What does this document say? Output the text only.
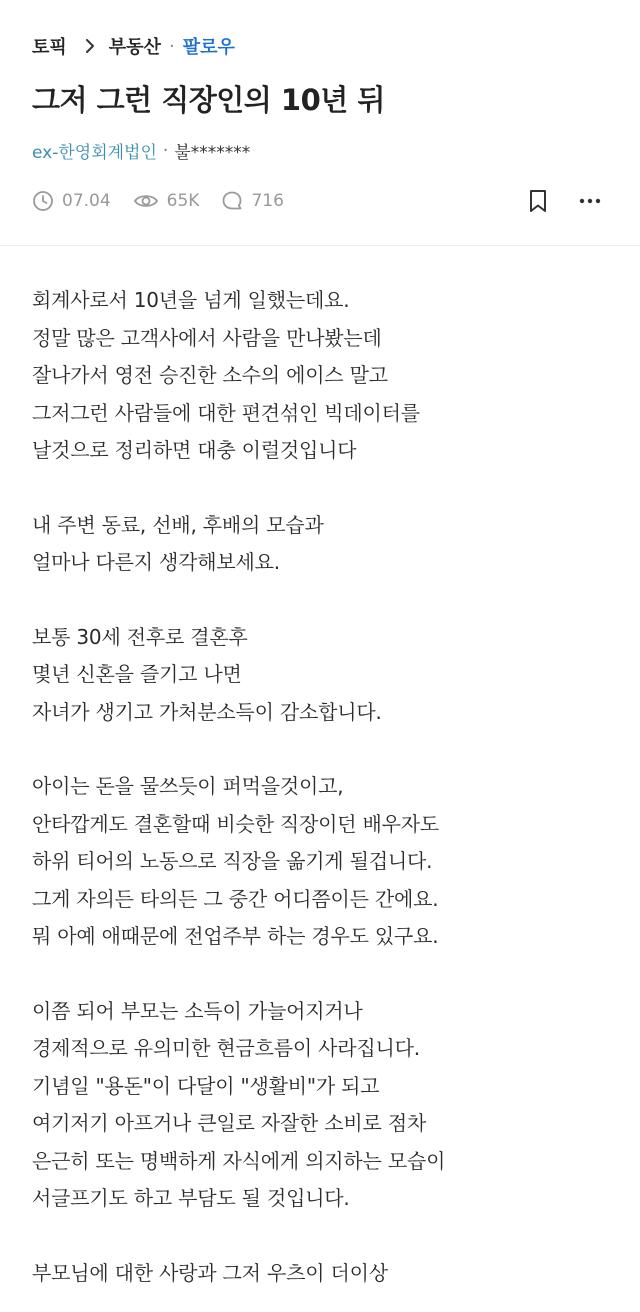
토픽 부동산 · 팔로우
그저 그런 직장인의 10년 뒤
ex-한영회계법인 · 불*******
07.04	65K	716
회계사로서 10년을 넘게 일했는데요.
정말 많은 고객사에서 사람을 만나봤는데
잘나가서 영전 승진한 소수의 에이스 말고
그저그런 사람들에 대한 편견섞인 빅데이터를
날것으로 정리하면 대충 이럴것입니다
내 주변 동료, 선배, 후배의 모습과
얼마나 다른지 생각해보세요.
보통 30세 전후로 결혼후
몇년 신혼을 즐기고 나면
자녀가 생기고 가처분소득이 감소합니다.
아이는 돈을 물쓰듯이 퍼먹을것이고,
안타깝게도 결혼할때 비슷한 직장이던 배우자도
하위 티어의 노동으로 직장을 옮기게 될겁니다.
그게 자의든 타의든 그 중간 어디쯤이든 간에요.
뭐 아예 애때문에 전업주부 하는 경우도 있구요.
이쯤 되어 부모는 소득이 가늘어지거나
경제적으로 유의미한 현금흐름이 사라집니다.
기념일 "용돈"이 다달이 "생활비"가 되고
여기저기 아프거나 큰일로 자잘한 소비로 점차
은근히 또는 명백하게 자식에게 의지하는 모습이
서글프기도 하고 부담도 될 것입니다.
부모님에 대한 사랑과 그저 우츠이 더이상
